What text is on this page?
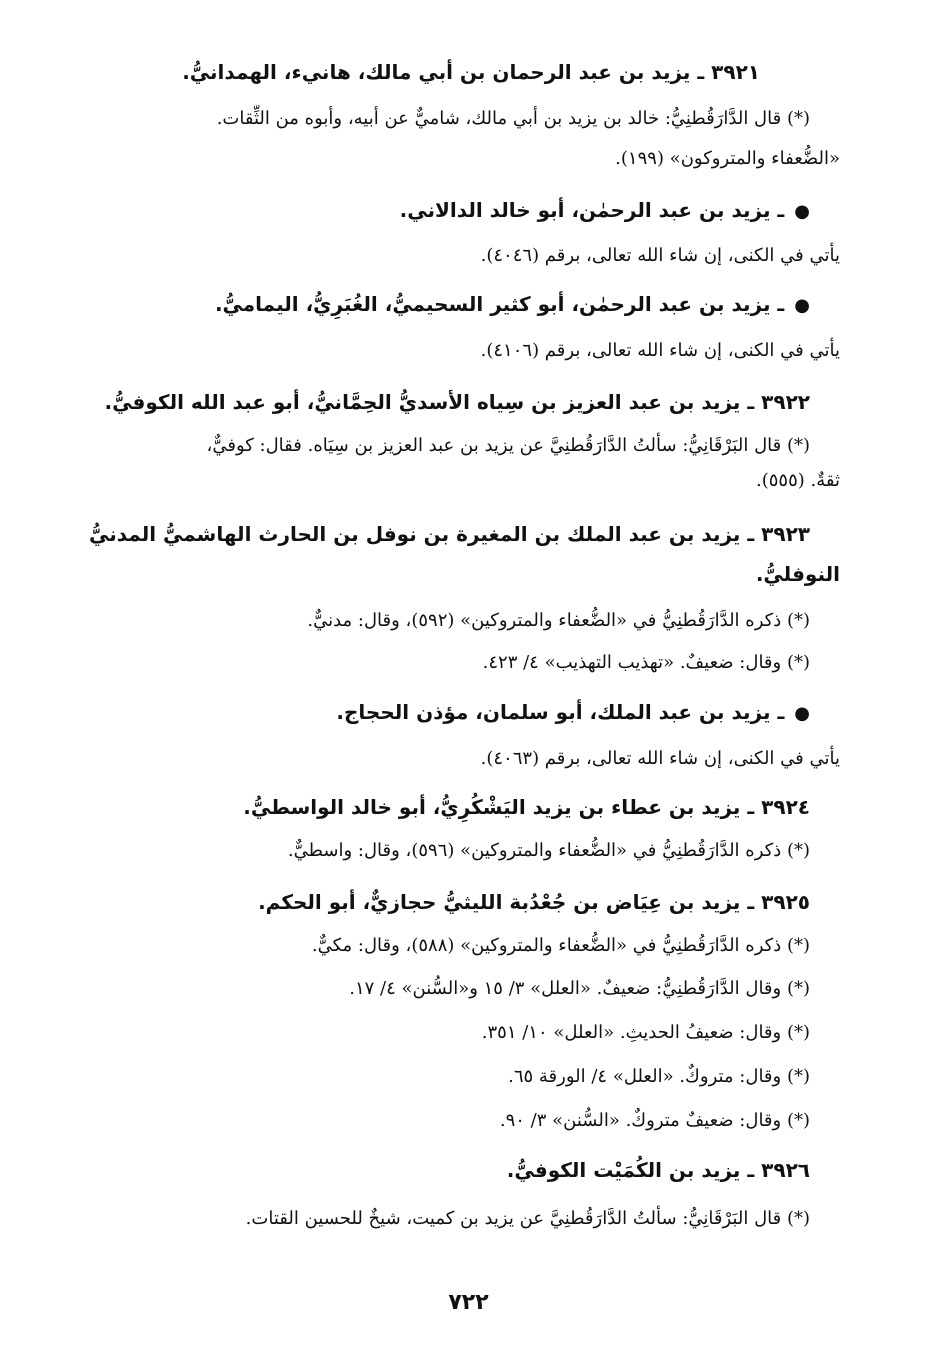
٣٩٢١ ـ يزيد بن عبد الرحمان بن أبي مالك، هانيء، الهمدانيُّ.
(*) قال الدَّارَقُطنِيُّ: خالد بن يزيد بن أبي مالك، شاميٌّ عن أبيه، وأبوه من الثِّقات.
«الضُّعفاء والمتروكون» (١٩٩).
●ـ يزيد بن عبد الرحمٰن، أبو خالد الدالاني.
يأتي في الكنى، إن شاء الله تعالى، برقم (٤٠٤٦).
●ـ يزيد بن عبد الرحمٰن، أبو كثير السحيميُّ، الغُبَرِيُّ، اليماميُّ.
يأتي في الكنى، إن شاء الله تعالى، برقم (٤١٠٦).
٣٩٢٢ ـ يزيد بن عبد العزيز بن سِياه الأسديُّ الحِمَّانيُّ، أبو عبد الله الكوفيُّ.
(*) قال البَرْقَانِيُّ: سألتُ الدَّارَقُطنِيَّ عن يزيد بن عبد العزيز بن سِيَاه. فقال: كوفيٌّ،
ثقةٌ. (٥٥٥).
٣٩٢٣ ـ يزيد بن عبد الملك بن المغيرة بن نوفل بن الحارث الهاشميُّ المدنيُّ
النوفليُّ.
(*) ذكره الدَّارَقُطنِيُّ في «الضُّعفاء والمتروكين» (٥٩٢)، وقال: مدنيٌّ.
(*) وقال: ضعيفٌ. «تهذيب التهذيب» ٤/ ٤٢٣.
●ـ يزيد بن عبد الملك، أبو سلمان، مؤذن الحجاج.
يأتي في الكنى، إن شاء الله تعالى، برقم (٤٠٦٣).
٣٩٢٤ ـ يزيد بن عطاء بن يزيد اليَشْكُرِيُّ، أبو خالد الواسطيُّ.
(*) ذكره الدَّارَقُطنِيُّ في «الضُّعفاء والمتروكين» (٥٩٦)، وقال: واسطيٌّ.
٣٩٢٥ ـ يزيد بن عِيَاض بن جُعْدُبة الليثيُّ حجازيٌّ، أبو الحكم.
(*) ذكره الدَّارَقُطنِيُّ في «الضُّعفاء والمتروكين» (٥٨٨)، وقال: مكيٌّ.
(*) وقال الدَّارَقُطنِيُّ: ضعيفٌ. «العلل» ٣/ ١٥ و«السُّنن» ٤/ ١٧.
(*) وقال: ضعيفُ الحديثِ. «العلل» ١٠/ ٣٥١.
(*) وقال: متروكٌ. «العلل» ٤/ الورقة ٦٥.
(*) وقال: ضعيفٌ متروكٌ. «السُّنن» ٣/ ٩٠.
٣٩٢٦ ـ يزيد بن الكُمَيْت الكوفيُّ.
(*) قال البَرْقَانِيُّ: سألتُ الدَّارَقُطنِيَّ عن يزيد بن كميت، شيخٌ للحسين القتات.
٧٢٢
